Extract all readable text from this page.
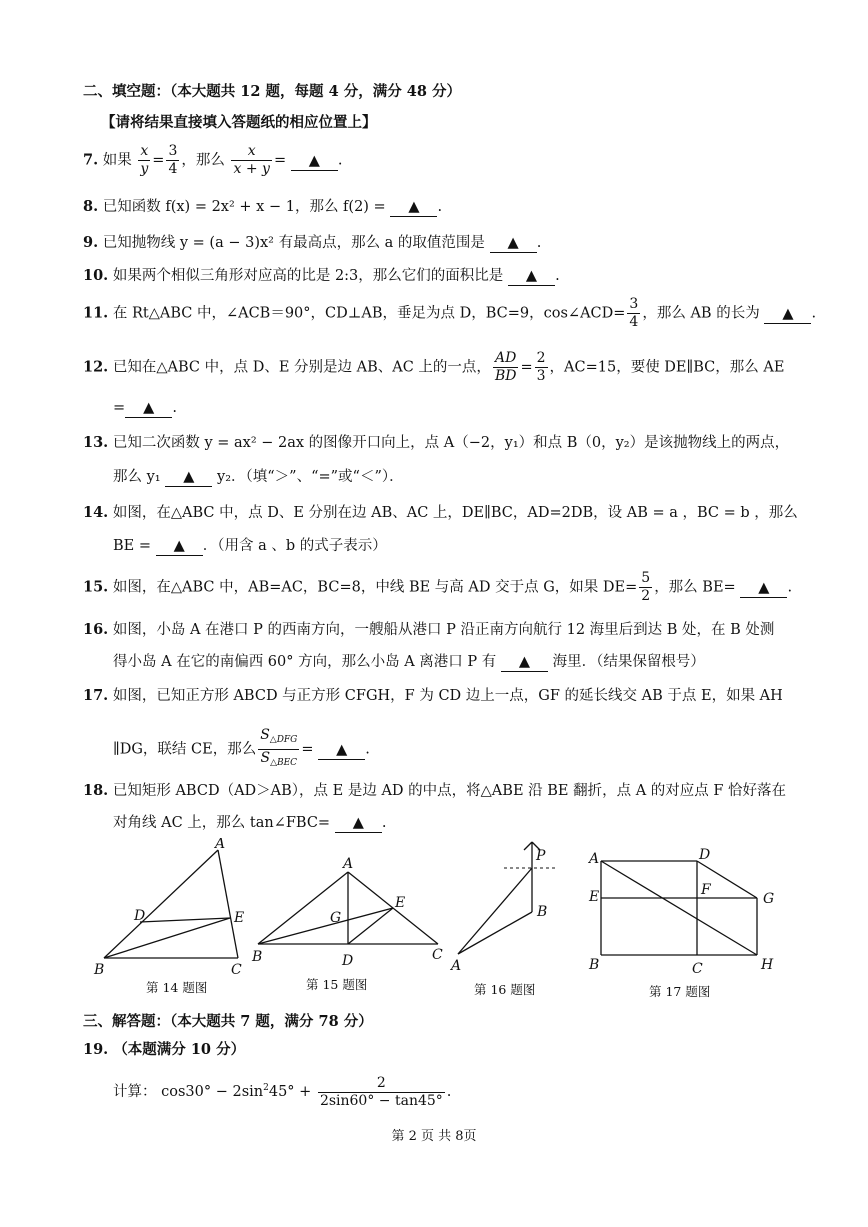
二、填空题：（本大题共 12 题，每题 4 分，满分 48 分）
【请将结果直接填入答题纸的相应位置上】
7. 如果 $\frac{x}{y} = \frac{3}{4}$ ，那么 $\frac{x}{x + y}$ = ▲ .
8. 已知函数 f(x) = 2x² + x − 1，那么 f(2) = ▲ .
9. 已知抛物线 y = (a − 3)x² 有最高点，那么 a 的取值范围是 ▲ .
10. 如果两个相似三角形对应高的比是 2:3，那么它们的面积比是 ▲ .
11. 在 Rt△ABC 中，∠ACB＝90°，CD⊥AB，垂足为点 D，BC=9，cos∠ACD= $\frac{3}{4}$ ，那么 AB 的长为 ▲ .
12. 已知在△ABC 中，点 D、E 分别是边 AB、AC 上的一点， $\frac{AD}{BD} = \frac{2}{3}$ ，AC=15，要使 DE∥BC，那么 AE
= ▲ .
13. 已知二次函数 y = ax² − 2ax 的图像开口向上，点 A（−2，y₁）和点 B（0，y₂）是该抛物线上的两点，
那么 y₁ ▲ y₂．（填“＞”、“=”或“＜”）．
14. 如图，在△ABC 中，点 D、E 分别在边 AB、AC 上，DE∥BC，AD=2DB，设 AB = a ，BC = b ，那么
BE = ▲ ．（用含 a 、b 的式子表示）
15. 如图，在△ABC 中，AB=AC，BC=8，中线 BE 与高 AD 交于点 G，如果 $DE= \frac{5}{2}$ ，那么 BE= ▲ .
16. 如图，小岛 A 在港口 P 的西南方向，一艘船从港口 P 沿正南方向航行 12 海里后到达 B 处，在 B 处测
得小岛 A 在它的南偏西 60° 方向，那么小岛 A 离港口 P 有 ▲ 海里．（结果保留根号）
17. 如图，已知正方形 ABCD 与正方形 CFGH，F 为 CD 边上一点，GF 的延长线交 AB 于点 E，如果 AH
∥DG，联结 CE，那么 $\frac{S_{\triangle DFG}}{S_{\triangle BEC}}$ = ▲ .
18. 已知矩形 ABCD（AD＞AB），点 E 是边 AD 的中点，将△ABE 沿 BE 翻折，点 A 的对应点 F 恰好落在
对角线 AC 上，那么 tan∠FBC= ▲ .
A
D	E
B	C
第 14 题图
A
G
E
B	D	C
第 15 题图
P
B
A
第 16 题图
A	D
E	F
G
B	C	H
第 17 题图
三、解答题：（本大题共 7 题，满分 78 分）
19. （本题满分 10 分）
计算： $\cos 30^\circ - 2\sin^245^\circ + \frac{2}{2\sin 60^\circ - \tan 45^\circ}$ .
第 2 页 共 8页
